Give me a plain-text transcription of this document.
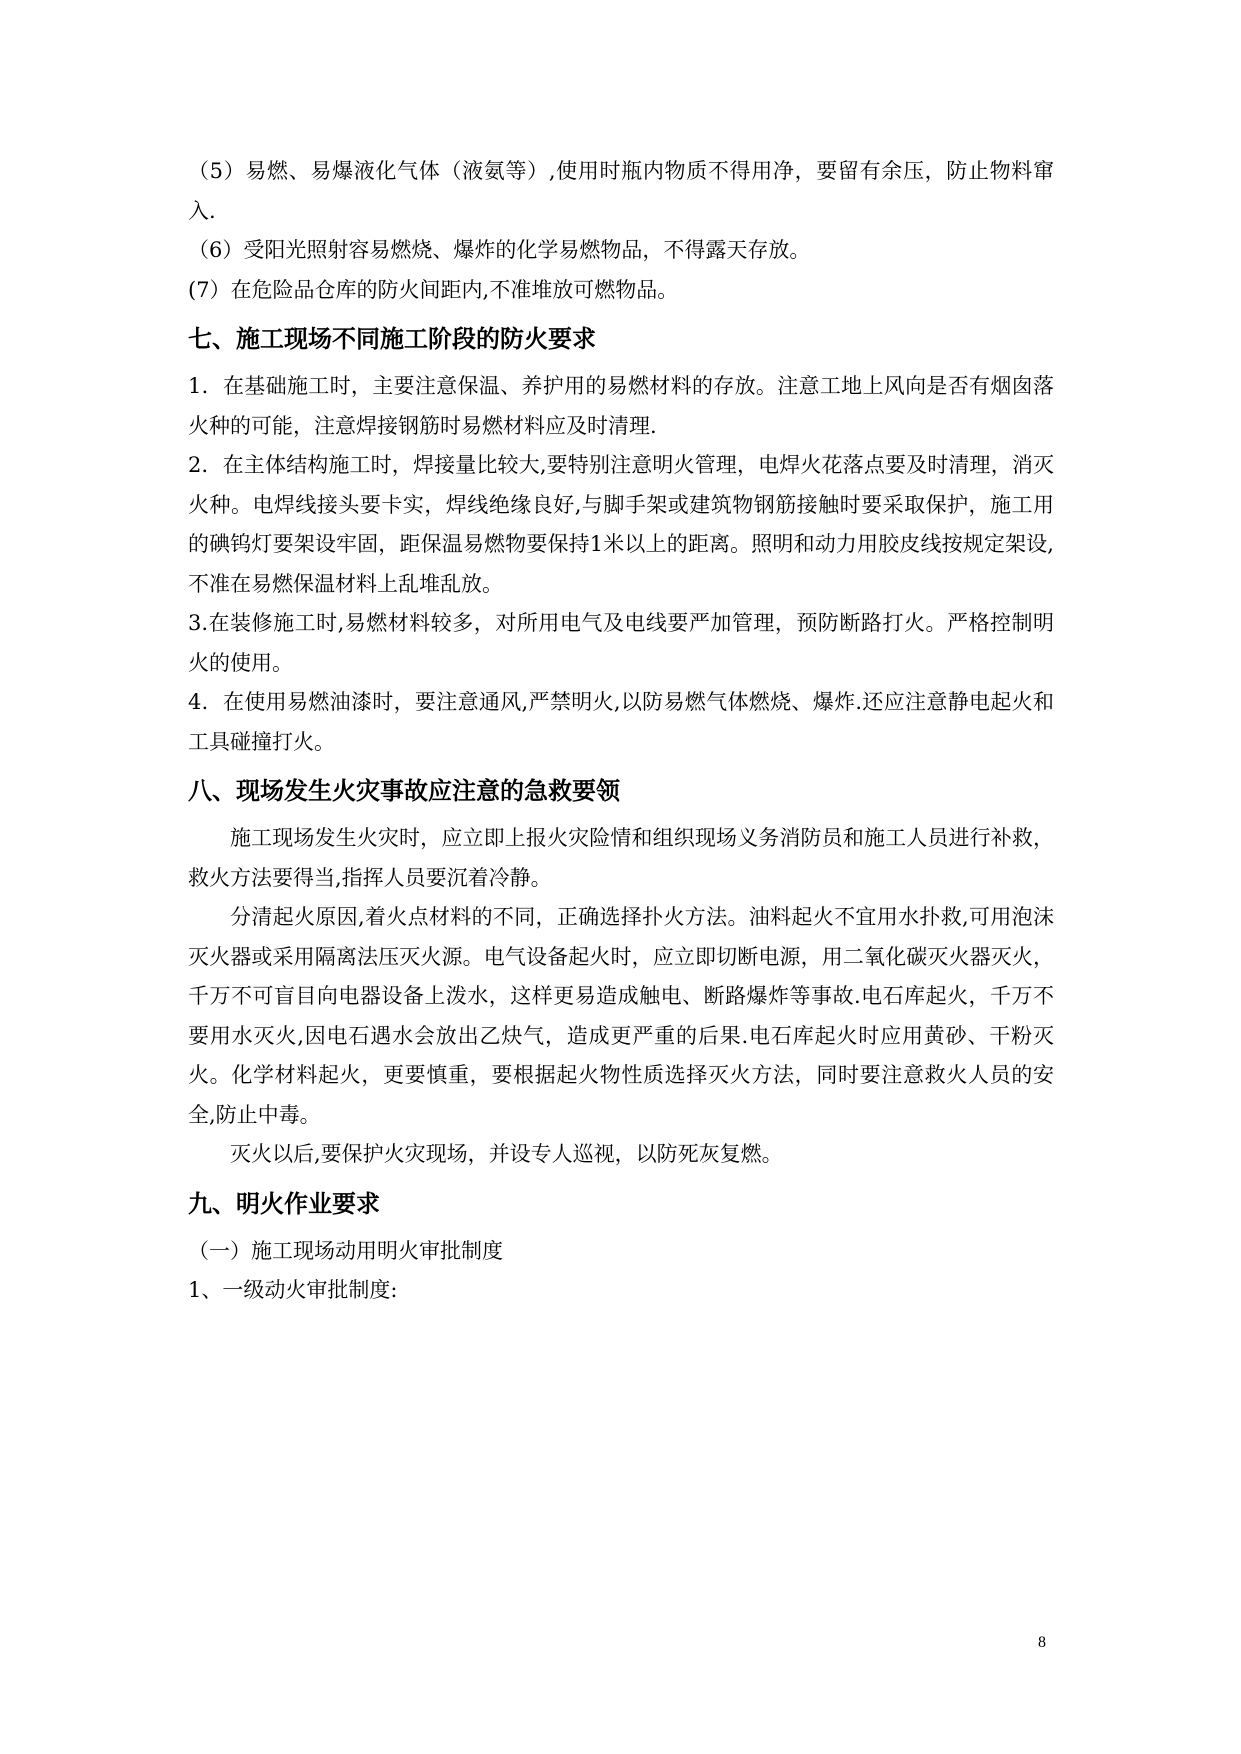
（5）易燃、易爆液化气体（液氨等）,使用时瓶内物质不得用净，要留有余压，防止物料窜入.

（6）受阳光照射容易燃烧、爆炸的化学易燃物品，不得露天存放。

(7）在危险品仓库的防火间距内,不准堆放可燃物品。

七、施工现场不同施工阶段的防火要求

1．在基础施工时，主要注意保温、养护用的易燃材料的存放。注意工地上风向是否有烟囱落火种的可能，注意焊接钢筋时易燃材料应及时清理.

2．在主体结构施工时，焊接量比较大,要特别注意明火管理，电焊火花落点要及时清理，消灭火种。电焊线接头要卡实，焊线绝缘良好,与脚手架或建筑物钢筋接触时要采取保护，施工用的碘钨灯要架设牢固，距保温易燃物要保持1米以上的距离。照明和动力用胶皮线按规定架设,不准在易燃保温材料上乱堆乱放。

3.在装修施工时,易燃材料较多，对所用电气及电线要严加管理，预防断路打火。严格控制明火的使用。

4．在使用易燃油漆时，要注意通风,严禁明火,以防易燃气体燃烧、爆炸.还应注意静电起火和工具碰撞打火。

八、现场发生火灾事故应注意的急救要领

施工现场发生火灾时，应立即上报火灾险情和组织现场义务消防员和施工人员进行补救，救火方法要得当,指挥人员要沉着冷静。

分清起火原因,着火点材料的不同，正确选择扑火方法。油料起火不宜用水扑救,可用泡沫灭火器或采用隔离法压灭火源。电气设备起火时，应立即切断电源，用二氧化碳灭火器灭火，千万不可盲目向电器设备上泼水，这样更易造成触电、断路爆炸等事故.电石库起火，千万不要用水灭火,因电石遇水会放出乙炔气，造成更严重的后果.电石库起火时应用黄砂、干粉灭火。化学材料起火，更要慎重，要根据起火物性质选择灭火方法，同时要注意救火人员的安全,防止中毒。

灭火以后,要保护火灾现场，并设专人巡视，以防死灰复燃。

九、明火作业要求

（一）施工现场动用明火审批制度

1、一级动火审批制度:

8
